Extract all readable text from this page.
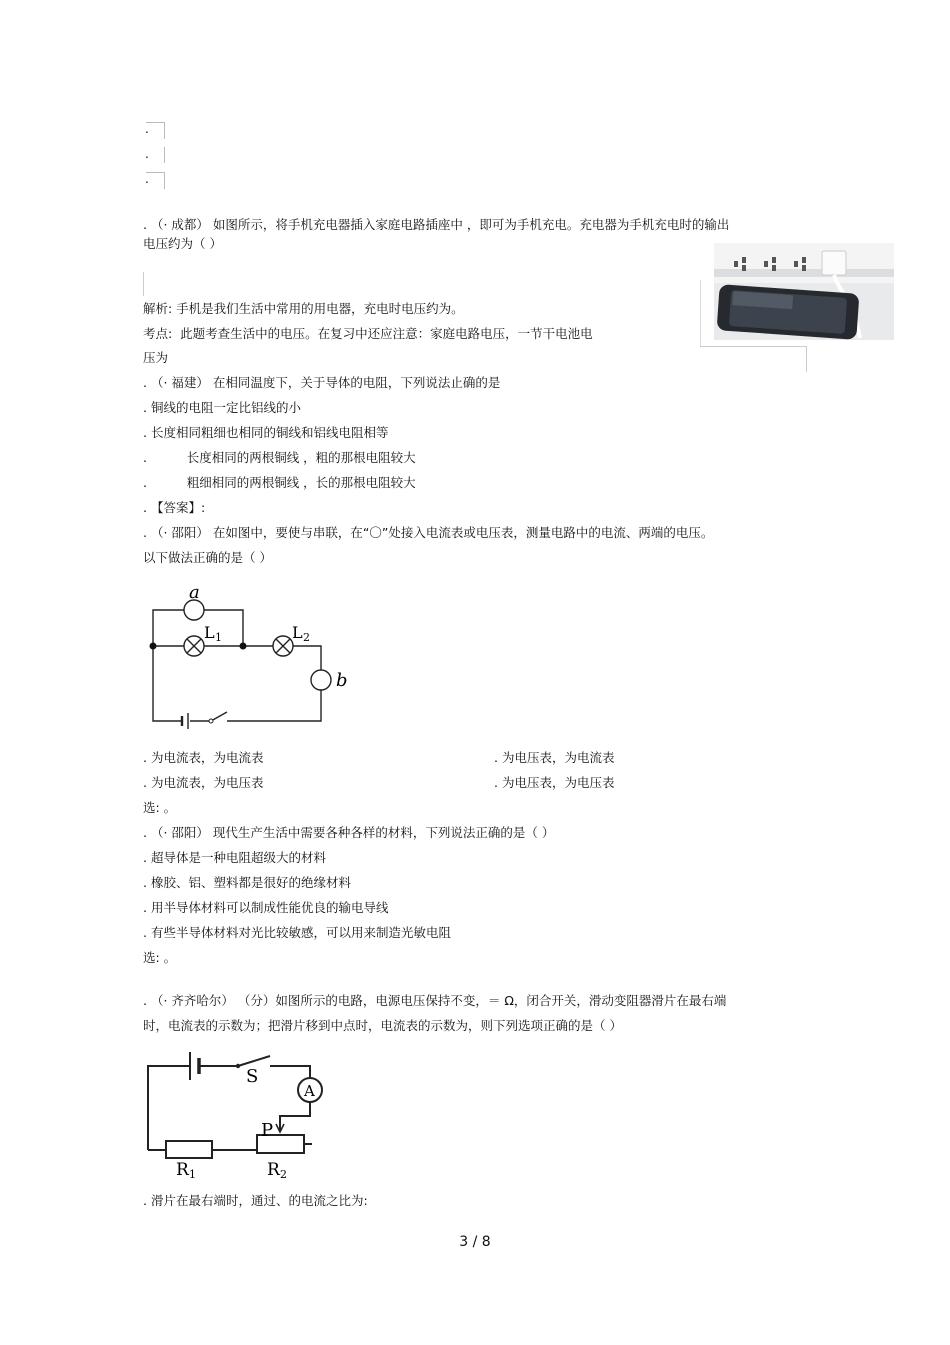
.
.
.
. （· 成都） 如图所示，将手机充电器插入家庭电路插座中 ，即可为手机充电。充电器为手机充电时的输出
电压约为（ ）
解析: 手机是我们生活中常用的用电器，充电时电压约为。
考点:  此题考查生活中的电压。在复习中还应注意：家庭电路电压，一节干电池电
压为
. （· 福建） 在相同温度下，关于导体的电阻，下列说法止确的是
. 铜线的电阻一定比铝线的小
. 长度相同粗细也相同的铜线和铝线电阻相等
.          长度相同的两根铜线 ，粗的那根电阻较大
.          粗细相同的两根铜线 ，长的那根电阻较大
. 【答案】:
. （· 邵阳） 在如图中，要使与串联，在“〇”处接入电流表或电压表，测量电路中的电流、两端的电压。
以下做法正确的是（ ）
a
L 1	L 2
b
. 为电流表，为电流表	. 为电压表，为电流表
. 为电流表，为电压表	. 为电压表，为电压表
选: 。
. （· 邵阳） 现代生产生活中需要各种各样的材料，下列说法正确的是（ ）
. 超导体是一种电阻超级大的材料
. 橡胶、铝、塑料都是很好的绝缘材料
. 用半导体材料可以制成性能优良的输电导线
. 有些半导体材料对光比较敏感，可以用来制造光敏电阻
选: 。
. （· 齐齐哈尔） （分）如图所示的电路，电源电压保持不变，＝ Ω，闭合开关，滑动变阻器滑片在最右端
时，电流表的示数为；把滑片移到中点时，电流表的示数为，则下列选项正确的是（ ）
S
A
P
R 1	R 2
. 滑片在最右端时，通过、的电流之比为:
3 / 8
